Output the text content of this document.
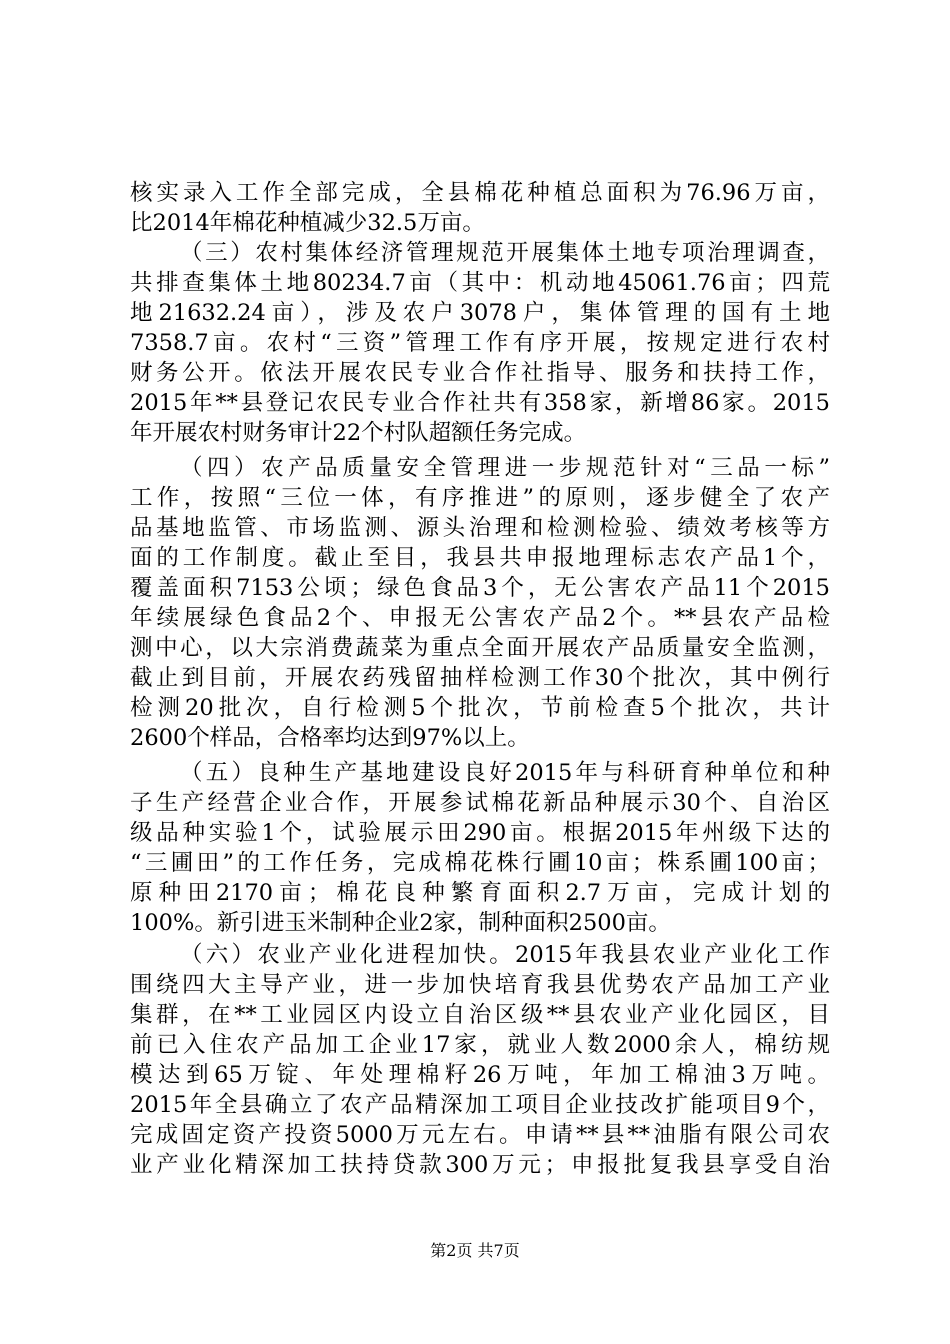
核实录入工作全部完成，全县棉花种植总面积为76.96万亩，
比2014年棉花种植减少32.5万亩。
（三）农村集体经济管理规范开展集体土地专项治理调查，
共排查集体土地80234.7亩（其中：机动地45061.76亩；四荒
地21632.24亩），涉及农户3078户，集体管理的国有土地
7358.7亩。农村“三资”管理工作有序开展，按规定进行农村
财务公开。依法开展农民专业合作社指导、服务和扶持工作，
2015年**县登记农民专业合作社共有358家，新增86家。2015
年开展农村财务审计22个村队超额任务完成。
（四）农产品质量安全管理进一步规范针对“三品一标”
工作，按照“三位一体，有序推进”的原则，逐步健全了农产
品基地监管、市场监测、源头治理和检测检验、绩效考核等方
面的工作制度。截止至目，我县共申报地理标志农产品1个，
覆盖面积7153公顷；绿色食品3个，无公害农产品11个2015
年续展绿色食品2个、申报无公害农产品2个。**县农产品检
测中心，以大宗消费蔬菜为重点全面开展农产品质量安全监测，
截止到目前，开展农药残留抽样检测工作30个批次，其中例行
检测20批次，自行检测5个批次，节前检查5个批次，共计
2600个样品，合格率均达到97%以上。
（五）良种生产基地建设良好2015年与科研育种单位和种
子生产经营企业合作，开展参试棉花新品种展示30个、自治区
级品种实验1个，试验展示田290亩。根据2015年州级下达的
“三圃田”的工作任务，完成棉花株行圃10亩；株系圃100亩；
原种田2170亩；棉花良种繁育面积2.7万亩，完成计划的
100%。新引进玉米制种企业2家，制种面积2500亩。
（六）农业产业化进程加快。2015年我县农业产业化工作
围绕四大主导产业，进一步加快培育我县优势农产品加工产业
集群，在**工业园区内设立自治区级**县农业产业化园区，目
前已入住农产品加工企业17家，就业人数2000余人，棉纺规
模达到65万锭、年处理棉籽26万吨，年加工棉油3万吨。
2015年全县确立了农产品精深加工项目企业技改扩能项目9个，
完成固定资产投资5000万元左右。申请**县**油脂有限公司农
业产业化精深加工扶持贷款300万元；申报批复我县享受自治
第2页 共7页
